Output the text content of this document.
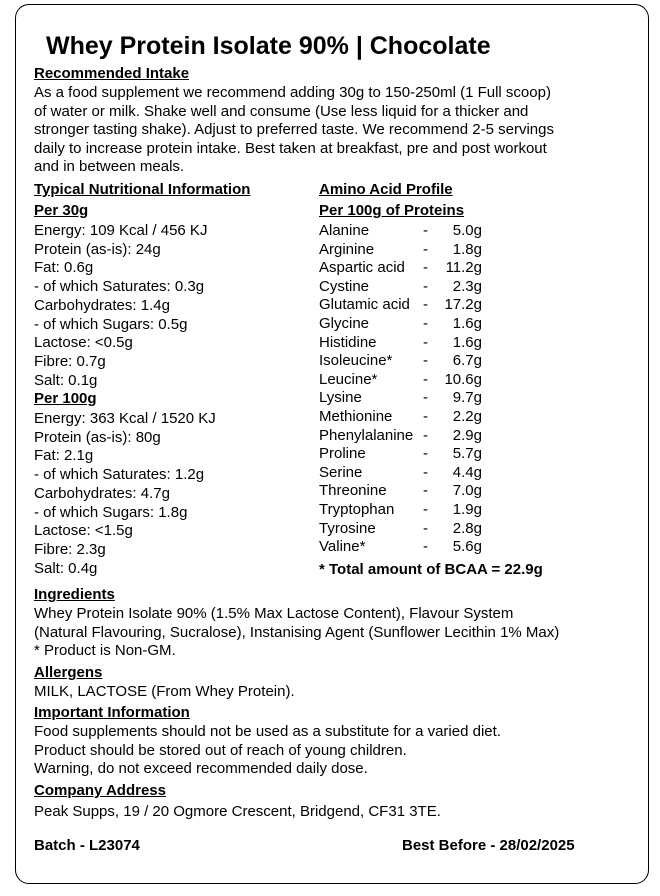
Whey Protein Isolate 90% | Chocolate
Recommended Intake
As a food supplement we recommend adding 30g to 150-250ml (1 Full scoop)
of water or milk. Shake well and consume (Use less liquid for a thicker and
stronger tasting shake). Adjust to preferred taste. We recommend 2-5 servings
daily to increase protein intake. Best taken at breakfast, pre and post workout
and in between meals.
Typical Nutritional Information
Per 30g
Energy: 109 Kcal / 456 KJ
Protein (as-is): 24g
Fat: 0.6g
- of which Saturates: 0.3g
Carbohydrates: 1.4g
- of which Sugars: 0.5g
Lactose: <0.5g
Fibre: 0.7g
Salt: 0.1g
Per 100g
Energy: 363 Kcal / 1520 KJ
Protein (as-is): 80g
Fat: 2.1g
- of which Saturates: 1.2g
Carbohydrates: 4.7g
- of which Sugars: 1.8g
Lactose: <1.5g
Fibre: 2.3g
Salt: 0.4g
Amino Acid Profile
Per 100g of Proteins
Alanine	-	5.0g
Arginine	-	1.8g
Aspartic acid -	11.2g
Cystine	-	2.3g
Glutamic acid -	17.2g
Glycine	-	1.6g
Histidine	-	1.6g
Isoleucine* -	6.7g
Leucine*	-	10.6g
Lysine	-	9.7g
Methionine -	2.2g
Phenylalanine -	2.9g
Proline	-	5.7g
Serine	-	4.4g
Threonine -	7.0g
Tryptophan -	1.9g
Tyrosine	-	2.8g
Valine*	-	5.6g
* Total amount of BCAA = 22.9g
Ingredients
Whey Protein Isolate 90% (1.5% Max Lactose Content), Flavour System
(Natural Flavouring, Sucralose), Instanising Agent (Sunflower Lecithin 1% Max)
* Product is Non-GM.
Allergens
MILK, LACTOSE (From Whey Protein).
Important Information
Food supplements should not be used as a substitute for a varied diet.
Product should be stored out of reach of young children.
Warning, do not exceed recommended daily dose.
Company Address
Peak Supps, 19 / 20 Ogmore Crescent, Bridgend, CF31 3TE.
Batch - L23074	Best Before - 28/02/2025
